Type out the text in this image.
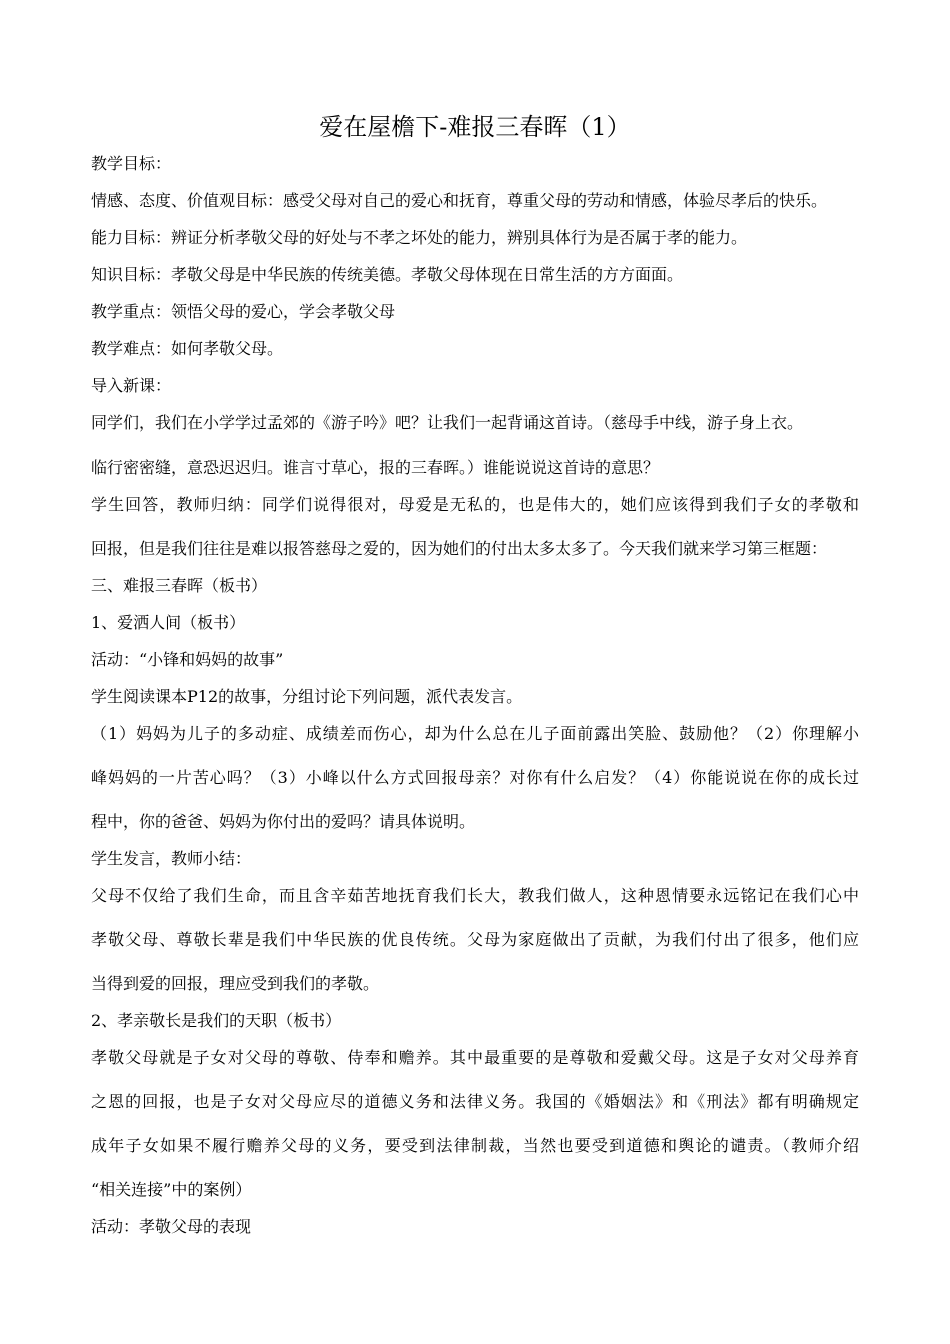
爱在屋檐下-难报三春晖（1）
教学目标：
情感、态度、价值观目标：感受父母对自己的爱心和抚育，尊重父母的劳动和情感，体验尽孝后的快乐。
能力目标：辨证分析孝敬父母的好处与不孝之坏处的能力，辨别具体行为是否属于孝的能力。
知识目标：孝敬父母是中华民族的传统美德。孝敬父母体现在日常生活的方方面面。
教学重点：领悟父母的爱心，学会孝敬父母
教学难点：如何孝敬父母。
导入新课：
同学们，我们在小学学过孟郊的《游子吟》吧？让我们一起背诵这首诗。（慈母手中线，游子身上衣。
临行密密缝，意恐迟迟归。谁言寸草心，报的三春晖。）谁能说说这首诗的意思？
学生回答，教师归纳：同学们说得很对，母爱是无私的，也是伟大的，她们应该得到我们子女的孝敬和
回报，但是我们往往是难以报答慈母之爱的，因为她们的付出太多太多了。今天我们就来学习第三框题：
三、难报三春晖（板书）
1、爱洒人间（板书）
活动：“小锋和妈妈的故事”
学生阅读课本P12的故事，分组讨论下列问题，派代表发言。
（1）妈妈为儿子的多动症、成绩差而伤心，却为什么总在儿子面前露出笑脸、鼓励他？（2）你理解小
峰妈妈的一片苦心吗？（3）小峰以什么方式回报母亲？对你有什么启发？（4）你能说说在你的成长过
程中，你的爸爸、妈妈为你付出的爱吗？请具体说明。
学生发言，教师小结：
父母不仅给了我们生命，而且含辛茹苦地抚育我们长大，教我们做人，这种恩情要永远铭记在我们心中
孝敬父母、尊敬长辈是我们中华民族的优良传统。父母为家庭做出了贡献，为我们付出了很多，他们应
当得到爱的回报，理应受到我们的孝敬。
2、孝亲敬长是我们的天职（板书）
孝敬父母就是子女对父母的尊敬、侍奉和赡养。其中最重要的是尊敬和爱戴父母。这是子女对父母养育
之恩的回报，也是子女对父母应尽的道德义务和法律义务。我国的《婚姻法》和《刑法》都有明确规定
成年子女如果不履行赡养父母的义务，要受到法律制裁，当然也要受到道德和舆论的谴责。（教师介绍
“相关连接”中的案例）
活动：孝敬父母的表现
